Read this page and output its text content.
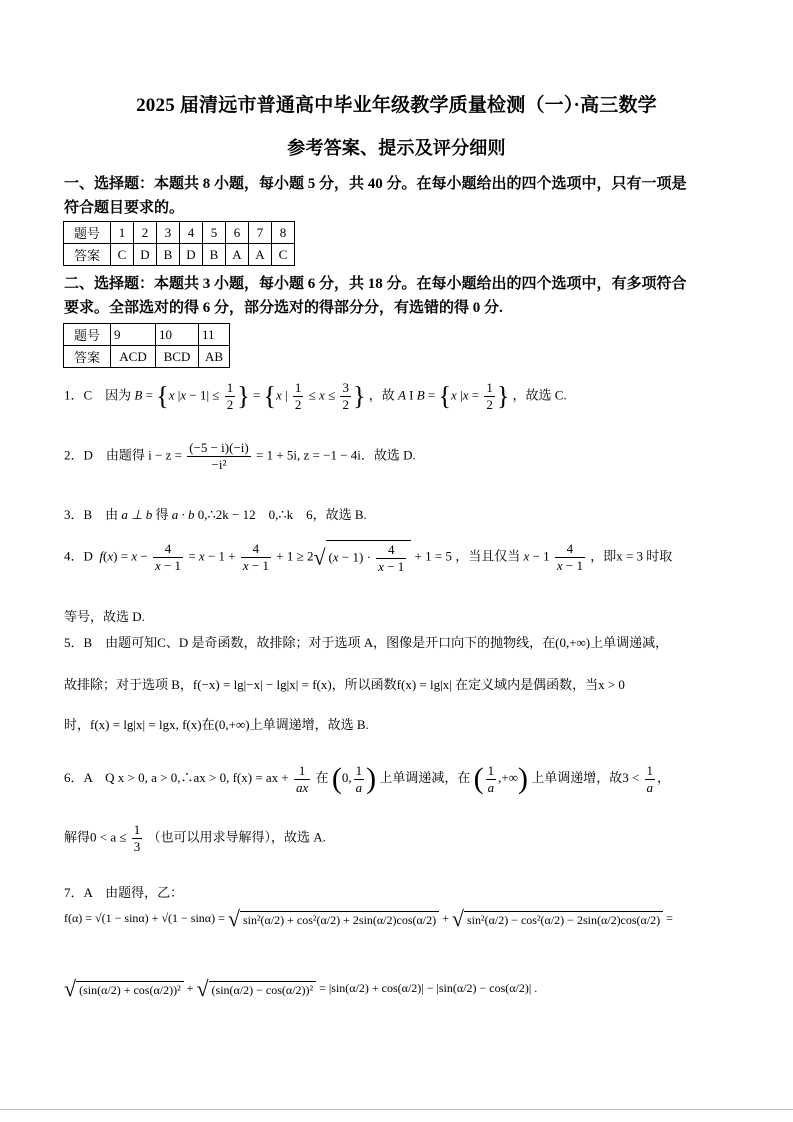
2025 届清远市普通高中毕业年级教学质量检测（一）·高三数学
参考答案、提示及评分细则
一、选择题：本题共 8 小题，每小题 5 分，共 40 分。在每小题给出的四个选项中，只有一项是
符合题目要求的。
题号	1	2	3	4	5	6	7	8
答案	C	D	B	D	B	A	A	C
二、选择题：本题共 3 小题，每小题 6 分，共 18 分。在每小题给出的四个选项中，有多项符合
要求。全部选对的得 6 分，部分选对的得部分分，有选错的得 0 分.
题号	9	10	11
答案	ACD	BCD	AB
1．C　因为 B = {x $|x - 1| \le \frac{1}{2}$ } = {x | $\frac{1}{2} \le x \le \frac{3}{2}$ } ，故 A I B = {x $|x = \frac{1}{2}$ } ，故选 C.
2．D　由题得 $i - z = \frac{(-5 - i)(-i)}{\text{−i²}} = 1 + 5i$, z = −1 − 4i．故选 D.
3．B　由 a ⊥ b 得 a · b 0,∴2k − 12　0,∴k　6，故选 B.
4．D $f(x) = x - \frac{4}{x - 1} = x - 1 + \frac{4}{x - 1} + 1 \ge 2√$ $(x - 1) \cdot \frac{4}{x - 1} + 1 = 5$ ，当且仅当 $x - 1 \frac{4}{x - 1}$ ，即x = 3 时取
等号，故选 D.
5．B　由题可知C、D 是奇函数，故排除；对于选项 A，图像是开口向下的抛物线，在(0,+∞)上单调递减，
故排除；对于选项 B，f(−x) = lg|−x| − lg|x| = f(x)，所以函数f(x) = lg|x| 在定义域内是偶函数，当x > 0
时，f(x) = lg|x| = lgx, f(x)在(0,+∞)上单调递增，故选 B.
6．A　Q x > 0, a > 0,∴ax > 0, f(x) = ax + $\frac{1}{ax}$ 在 (0, $\frac{1}{a}$ ) 上单调递减，在 ( $\frac{1}{a}$ ,+∞) 上单调递增，故$3 < \frac{1}{a}$ ，
解得$0 < a \le \frac{1}{3}$ （也可以用求导解得），故选 A.
7．A　由题得，乙：
f(α) = √(1 − sinα) + √(1 − sinα) = √ sin²(α/2) + cos²(α/2) + 2sin(α/2)cos(α/2) + √ sin²(α/2) − cos²(α/2) − 2sin(α/2)cos(α/2) =
√ (sin(α/2) + cos(α/2))² + √ (sin(α/2) − cos(α/2))² = |sin(α/2) + cos(α/2)| − |sin(α/2) − cos(α/2)| .
